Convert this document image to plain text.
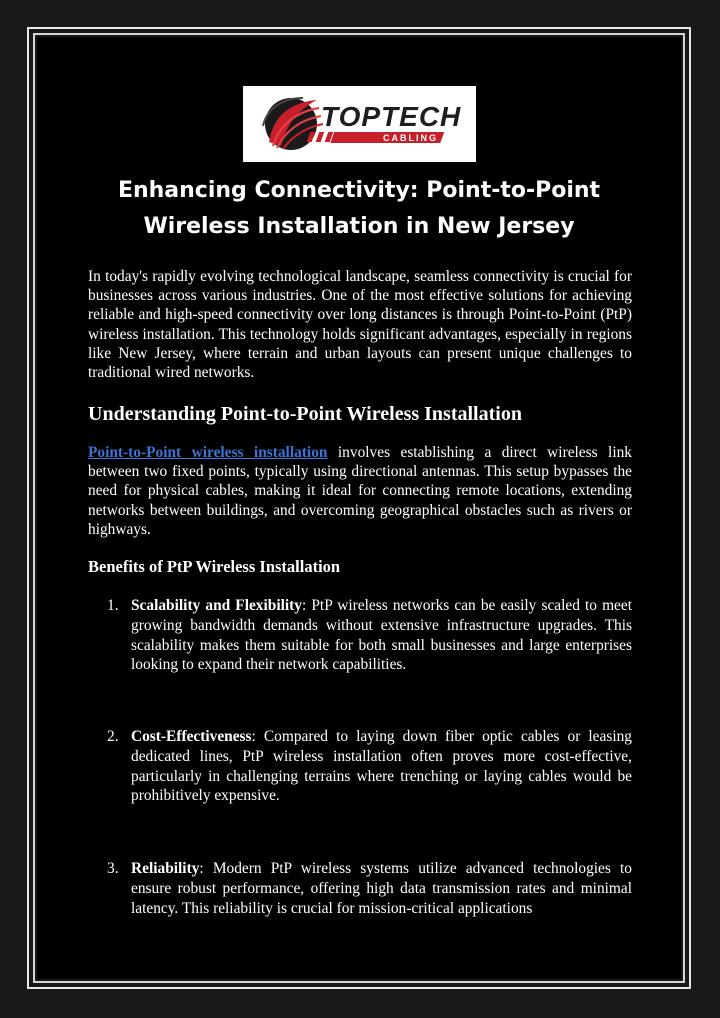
TOPTECH
CABLING
Enhancing Connectivity: Point-to-Point
Wireless Installation in New Jersey

In today's rapidly evolving technological landscape, seamless connectivity is crucial for businesses across various industries. One of the most effective solutions for achieving reliable and high-speed connectivity over long distances is through Point-to-Point (PtP) wireless installation. This technology holds significant advantages, especially in regions like New Jersey, where terrain and urban layouts can present unique challenges to traditional wired networks.

Understanding Point-to-Point Wireless Installation

Point-to-Point wireless installation involves establishing a direct wireless link between two fixed points, typically using directional antennas. This setup bypasses the need for physical cables, making it ideal for connecting remote locations, extending networks between buildings, and overcoming geographical obstacles such as rivers or highways.

Benefits of PtP Wireless Installation
1. Scalability and Flexibility: PtP wireless networks can be easily scaled to meet growing bandwidth demands without extensive infrastructure upgrades. This scalability makes them suitable for both small businesses and large enterprises looking to expand their network capabilities.
2. Cost-Effectiveness: Compared to laying down fiber optic cables or leasing dedicated lines, PtP wireless installation often proves more cost-effective, particularly in challenging terrains where trenching or laying cables would be prohibitively expensive.
3. Reliability: Modern PtP wireless systems utilize advanced technologies to ensure robust performance, offering high data transmission rates and minimal latency. This reliability is crucial for mission-critical applications
